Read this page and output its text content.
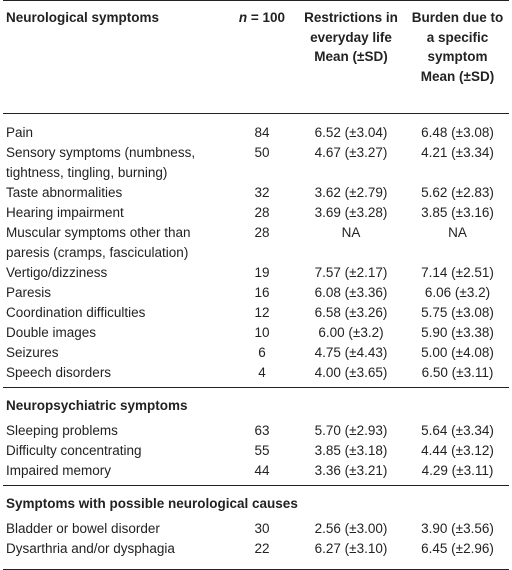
Neurological symptoms	n = 100	Restrictions in everyday life Mean (±SD)	Burden due to a specific symptom Mean (±SD)
Pain	84	6.52 (±3.04)	6.48 (±3.08)
Sensory symptoms (numbness, tightness, tingling, burning)	50	4.67 (±3.27)	4.21 (±3.34)
Taste abnormalities	32	3.62 (±2.79)	5.62 (±2.83)
Hearing impairment	28	3.69 (±3.28)	3.85 (±3.16)
Muscular symptoms other than paresis (cramps, fasciculation)	28	NA	NA
Vertigo/dizziness	19	7.57 (±2.17)	7.14 (±2.51)
Paresis	16	6.08 (±3.36)	6.06 (±3.2)
Coordination difficulties	12	6.58 (±3.26)	5.75 (±3.08)
Double images	10	6.00 (±3.2)	5.90 (±3.38)
Seizures	6	4.75 (±4.43)	5.00 (±4.08)
Speech disorders	4	4.00 (±3.65)	6.50 (±3.11)
Neuropsychiatric symptoms			
Sleeping problems	63	5.70 (±2.93)	5.64 (±3.34)
Difficulty concentrating	55	3.85 (±3.18)	4.44 (±3.12)
Impaired memory	44	3.36 (±3.21)	4.29 (±3.11)
Symptoms with possible neurological causes			
Bladder or bowel disorder	30	2.56 (±3.00)	3.90 (±3.56)
Dysarthria and/or dysphagia	22	6.27 (±3.10)	6.45 (±2.96)
